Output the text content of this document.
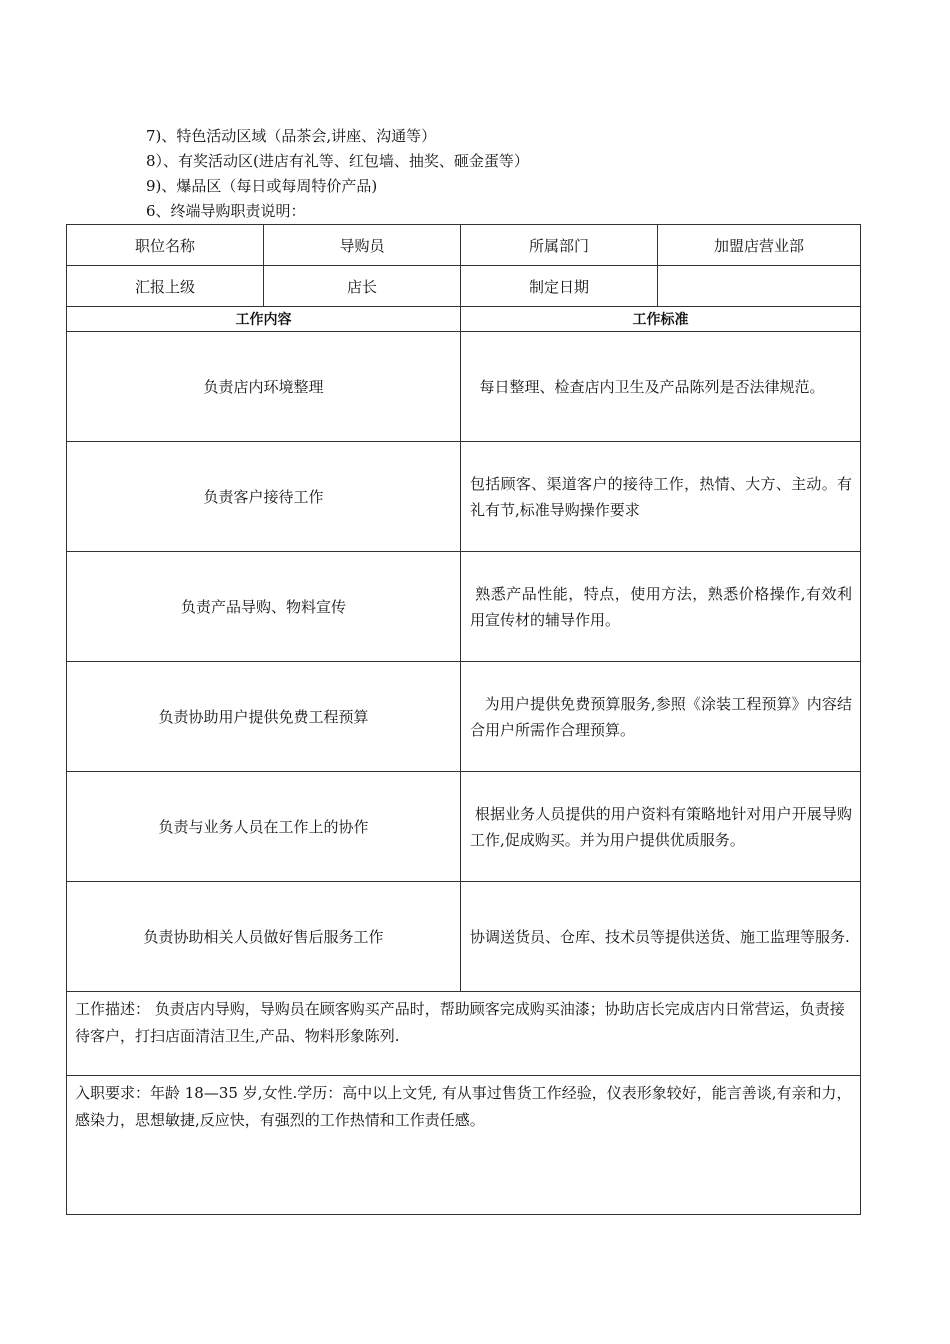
7)、特色活动区域（品茶会,讲座、沟通等）
8）、有奖活动区(进店有礼等、红包墙、抽奖、砸金蛋等）
9)、爆品区（每日或每周特价产品)
6、终端导购职责说明：
职位名称	导购员	所属部门	加盟店营业部
汇报上级	店长	制定日期	
工作内容		工作标准	
负责店内环境整理		每日整理、检查店内卫生及产品陈列是否法律规范。	
负责客户接待工作		包括顾客、渠道客户的接待工作，热情、大方、主动。有礼有节,标准导购操作要求	
负责产品导购、物料宣传		熟悉产品性能，特点，使用方法，熟悉价格操作,有效利用宣传材的辅导作用。	
负责协助用户提供免费工程预算		为用户提供免费预算服务,参照《涂装工程预算》内容结合用户所需作合理预算。	
负责与业务人员在工作上的协作		根据业务人员提供的用户资料有策略地针对用户开展导购工作,促成购买。并为用户提供优质服务。	
负责协助相关人员做好售后服务工作		协调送货员、仓库、技术员等提供送货、施工监理等服务.	
工作描述： 负责店内导购，导购员在顾客购买产品时，帮助顾客完成购买油漆；协助店长完成店内日常营运，负责接待客户，打扫店面清洁卫生,产品、物料形象陈列.			
入职要求：年龄 18—35 岁,女性.学历：高中以上文凭, 有从事过售货工作经验，仪表形象较好，能言善谈,有亲和力，感染力，思想敏捷,反应快，有强烈的工作热情和工作责任感。			
